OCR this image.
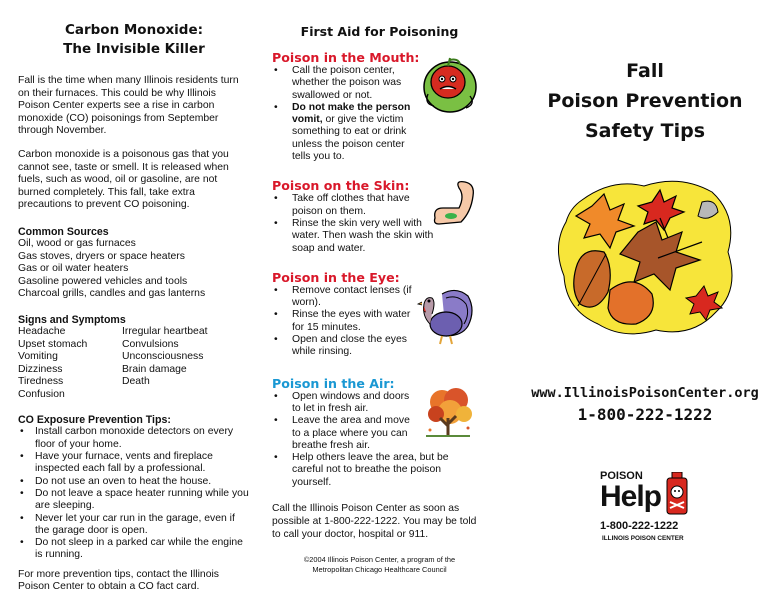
Carbon Monoxide:
The Invisible Killer

Fall is the time when many Illinois residents turn on their furnaces. This could be why Illinois Poison Center experts see a rise in carbon monoxide (CO) poisonings from September through November.

Carbon monoxide is a poisonous gas that you cannot see, taste or smell. It is released when fuels, such as wood, oil or gasoline, are not burned completely. This fall, take extra precautions to prevent CO poisoning.

Common Sources
Oil, wood or gas furnaces
Gas stoves, dryers or space heaters
Gas or oil water heaters
Gasoline powered vehicles and tools
Charcoal grills, candles and gas lanterns
Signs and Symptoms
Headache
Upset stomach
Vomiting
Dizziness
Tiredness
Confusion
Irregular heartbeat
Convulsions
Unconsciousness
Brain damage
Death
CO Exposure Prevention Tips:
• Install carbon monoxide detectors on every floor of your home.
• Have your furnace, vents and fireplace inspected each fall by a professional.
• Do not use an oven to heat the house.
• Do not leave a space heater running while you are sleeping.
• Never let your car run in the garage, even if the garage door is open.
• Do not sleep in a parked car while the engine is running.

For more prevention tips, contact the Illinois Poison Center to obtain a CO fact card.

First Aid for Poisoning

Poison in the Mouth:

• Call the poison center, whether the poison was swallowed or not.
• Do not make the person vomit, or give the victim something to eat or drink unless the poison center tells you to.

Poison on the Skin:

• Take off clothes that have poison on them.
• Rinse the skin very well with water. Then wash the skin with soap and water.

Poison in the Eye:

• Remove contact lenses (if worn).
• Rinse the eyes with water for 15 minutes.
• Open and close the eyes while rinsing.

Poison in the Air:

• Open windows and doors to let in fresh air.
• Leave the area and move to a place where you can breathe fresh air.
• Help others leave the area, but be careful not to breathe the poison yourself.

Call the Illinois Poison Center as soon as possible at 1-800-222-1222. You may be told to call your doctor, hospital or 911.

©2004 Illinois Poison Center, a program of the
Metropolitan Chicago Healthcare Council
Fall
Poison Prevention
Safety Tips
www.IllinoisPoisonCenter.org
1-800-222-1222
POISON
Help
1-800-222-1222
ILLINOIS POISON CENTER
